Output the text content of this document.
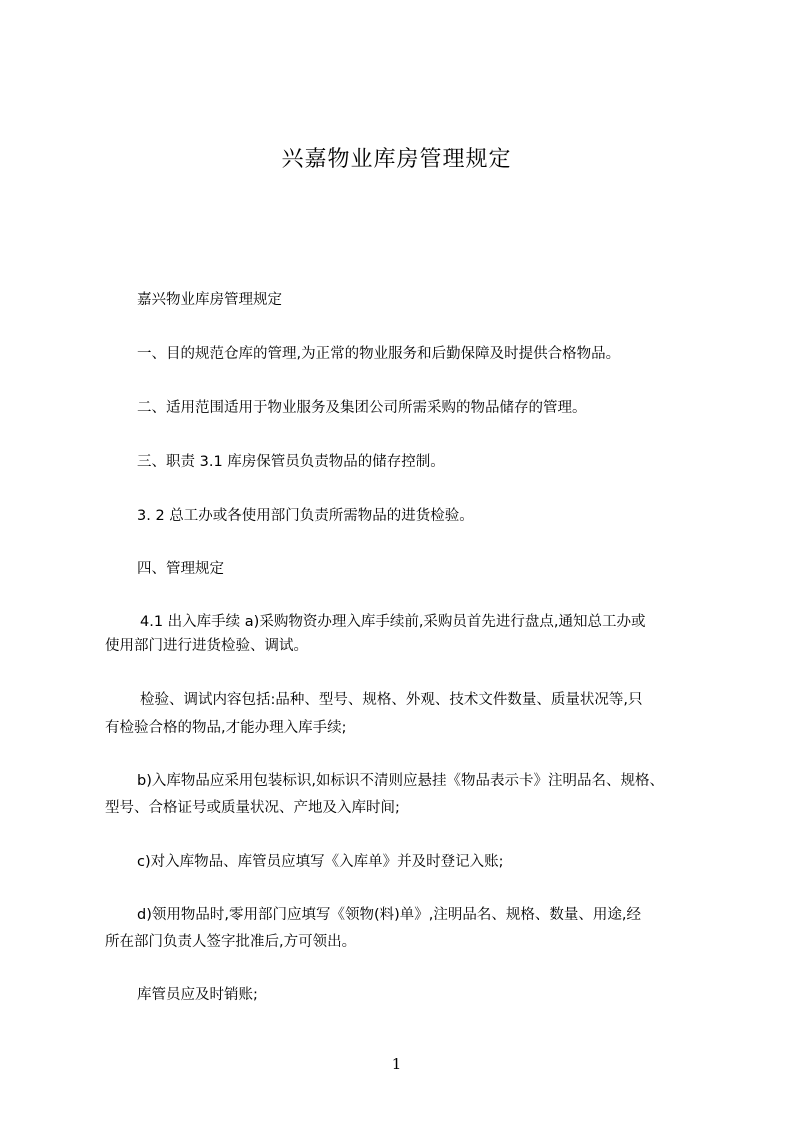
兴嘉物业库房管理规定
嘉兴物业库房管理规定
一、目的规范仓库的管理,为正常的物业服务和后勤保障及时提供合格物品。
二、适用范围适用于物业服务及集团公司所需采购的物品储存的管理。
三、职责 3.1 库房保管员负责物品的储存控制。
3. 2 总工办或各使用部门负责所需物品的进货检验。
四、管理规定
4.1 出入库手续 a)采购物资办理入库手续前,采购员首先进行盘点,通知总工办或
使用部门进行进货检验、调试。
检验、调试内容包括:品种、型号、规格、外观、技术文件数量、质量状况等,只
有检验合格的物品,才能办理入库手续;
b)入库物品应采用包装标识,如标识不清则应悬挂《物品表示卡》注明品名、规格、
型号、合格证号或质量状况、产地及入库时间;
c)对入库物品、库管员应填写《入库单》并及时登记入账;
d)领用物品时,零用部门应填写《领物(料)单》,注明品名、规格、数量、用途,经
所在部门负责人签字批准后,方可领出。
库管员应及时销账;
1
